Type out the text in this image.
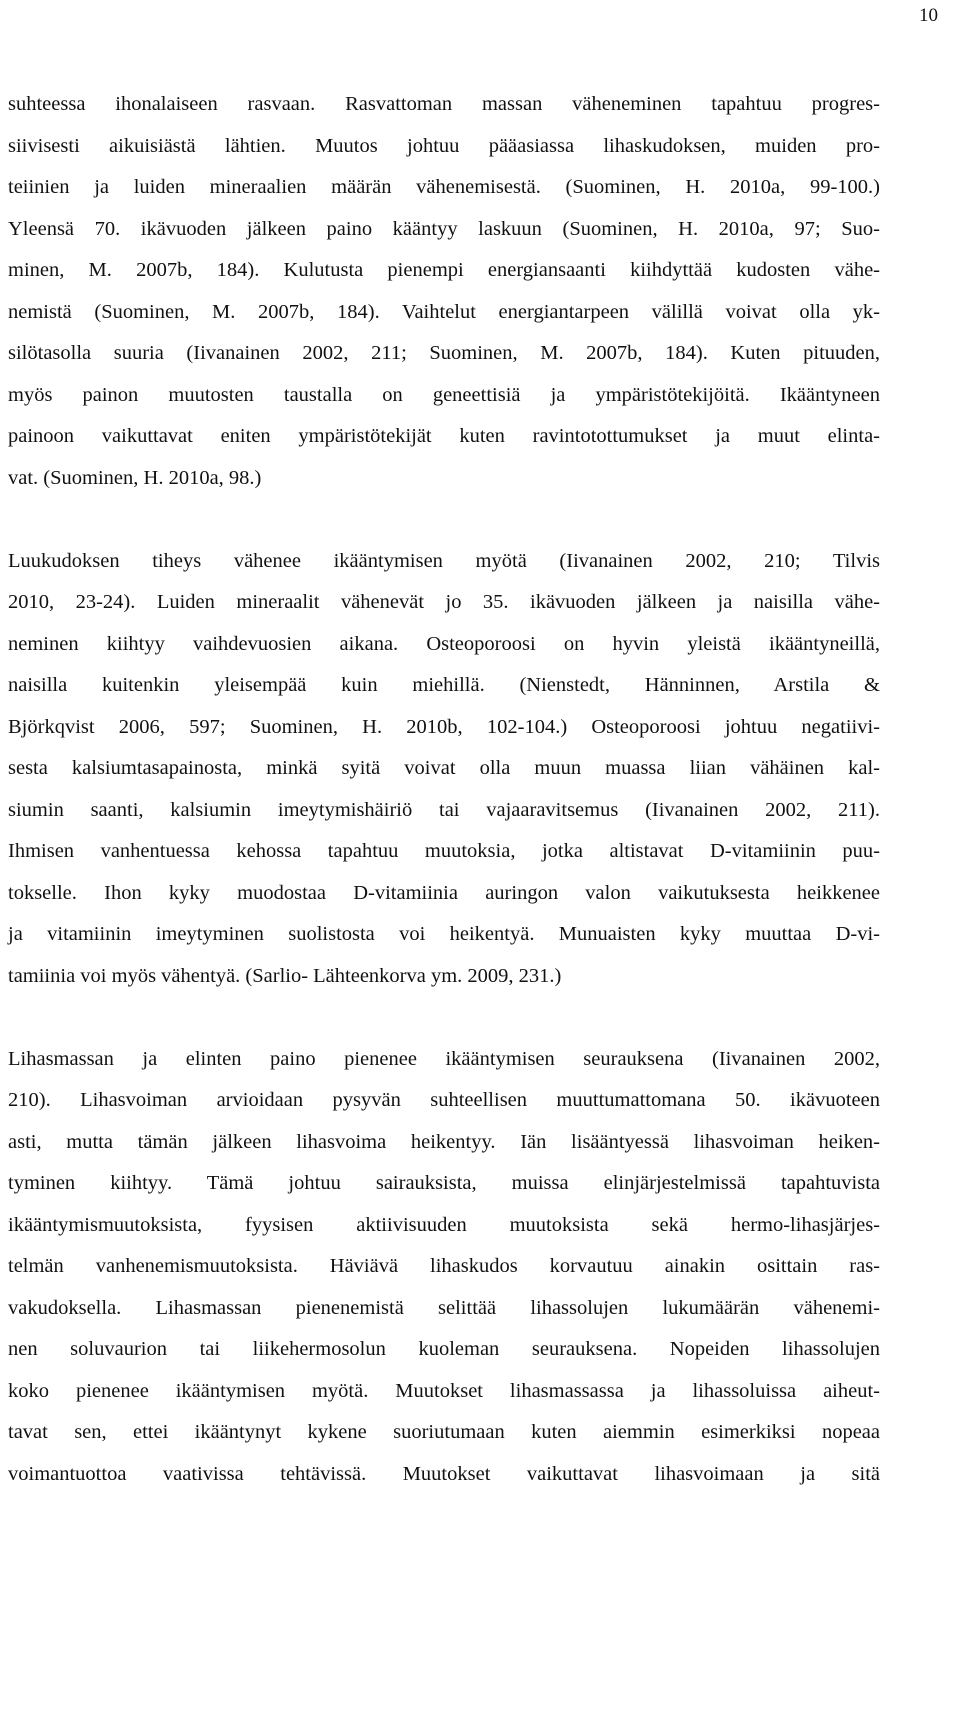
10
suhteessa ihonalaiseen rasvaan. Rasvattoman massan väheneminen tapahtuu progres-
siivisesti aikuisiästä lähtien. Muutos johtuu pääasiassa lihaskudoksen, muiden pro-
teiinien ja luiden mineraalien määrän vähenemisestä. (Suominen, H. 2010a, 99-100.)
Yleensä 70. ikävuoden jälkeen paino kääntyy laskuun (Suominen, H. 2010a, 97; Suo-
minen, M. 2007b, 184). Kulutusta pienempi energiansaanti kiihdyttää kudosten vähe-
nemistä (Suominen, M. 2007b, 184). Vaihtelut energiantarpeen välillä voivat olla yk-
silötasolla suuria (Iivanainen 2002, 211; Suominen, M. 2007b, 184). Kuten pituuden,
myös painon muutosten taustalla on geneettisiä ja ympäristötekijöitä. Ikääntyneen
painoon vaikuttavat eniten ympäristötekijät kuten ravintotottumukset ja muut elinta-
vat. (Suominen, H. 2010a, 98.)
Luukudoksen tiheys vähenee ikääntymisen myötä (Iivanainen 2002, 210; Tilvis
2010, 23-24). Luiden mineraalit vähenevät jo 35. ikävuoden jälkeen ja naisilla vähe-
neminen kiihtyy vaihdevuosien aikana. Osteoporoosi on hyvin yleistä ikääntyneillä,
naisilla kuitenkin yleisempää kuin miehillä. (Nienstedt, Hänninnen, Arstila &
Björkqvist 2006, 597; Suominen, H. 2010b, 102-104.) Osteoporoosi johtuu negatiivi-
sesta kalsiumtasapainosta, minkä syitä voivat olla muun muassa liian vähäinen kal-
siumin saanti, kalsiumin imeytymishäiriö tai vajaaravitsemus (Iivanainen 2002, 211).
Ihmisen vanhentuessa kehossa tapahtuu muutoksia, jotka altistavat D-vitamiinin puu-
tokselle. Ihon kyky muodostaa D-vitamiinia auringon valon vaikutuksesta heikkenee
ja vitamiinin imeytyminen suolistosta voi heikentyä. Munuaisten kyky muuttaa D-vi-
tamiinia voi myös vähentyä. (Sarlio- Lähteenkorva ym. 2009, 231.)
Lihasmassan ja elinten paino pienenee ikääntymisen seurauksena (Iivanainen 2002,
210). Lihasvoiman arvioidaan pysyvän suhteellisen muuttumattomana 50. ikävuoteen
asti, mutta tämän jälkeen lihasvoima heikentyy. Iän lisääntyessä lihasvoiman heiken-
tyminen kiihtyy. Tämä johtuu sairauksista, muissa elinjärjestelmissä tapahtuvista
ikääntymismuutoksista, fyysisen aktiivisuuden muutoksista sekä hermo-lihasjärjes-
telmän vanhenemismuutoksista. Häviävä lihaskudos korvautuu ainakin osittain ras-
vakudoksella. Lihasmassan pienenemistä selittää lihassolujen lukumäärän vähenemi-
nen soluvaurion tai liikehermosolun kuoleman seurauksena. Nopeiden lihassolujen
koko pienenee ikääntymisen myötä. Muutokset lihasmassassa ja lihassoluissa aiheut-
tavat sen, ettei ikääntynyt kykene suoriutumaan kuten aiemmin esimerkiksi nopeaa
voimantuottoa vaativissa tehtävissä. Muutokset vaikuttavat lihasvoimaan ja sitä
